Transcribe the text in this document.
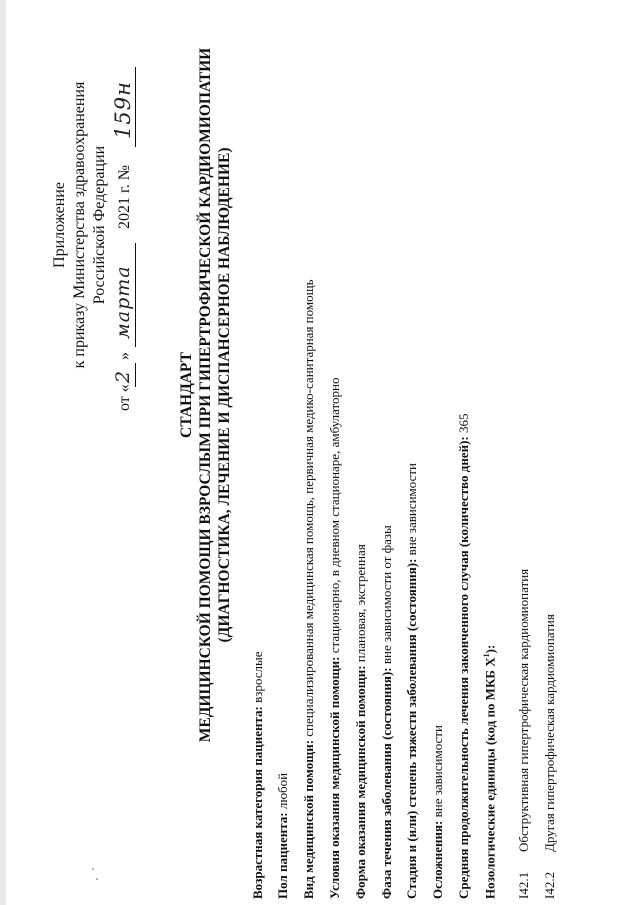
Приложение к приказу Министерства здравоохранения Российской Федерации
от «
2
»
марта
2021 г. №
159н
СТАНДАРТ МЕДИЦИНСКОЙ ПОМОЩИ ВЗРОСЛЫМ ПРИ ГИПЕРТРОФИЧЕСКОЙ КАРДИОМИОПАТИИ (ДИАГНОСТИКА, ЛЕЧЕНИЕ И ДИСПАНСЕРНОЕ НАБЛЮДЕНИЕ)
Возрастная категория пациента: взрослые
Пол пациента: любой Вид медицинской помощи: специализированная медицинская помощь, первичная медико-санитарная помощь
Условия оказания медицинской помощи: стационарно, в дневном стационаре, амбулаторно
Форма оказания медицинской помощи: плановая, экстренная
Фаза течения заболевания (состояния): вне зависимости от фазы Стадия и (или) степень тяжести заболевания (состояния): вне зависимости
Осложнения: вне зависимости Средняя продолжительность лечения законченного случая (количество дней): 365
Нозологические единицы (код по МКБ $X^1$):
I42.1
Обструктивная гипертрофическая кардиомиопатия
I42.2
Другая гипертрофическая кардиомиопатия
